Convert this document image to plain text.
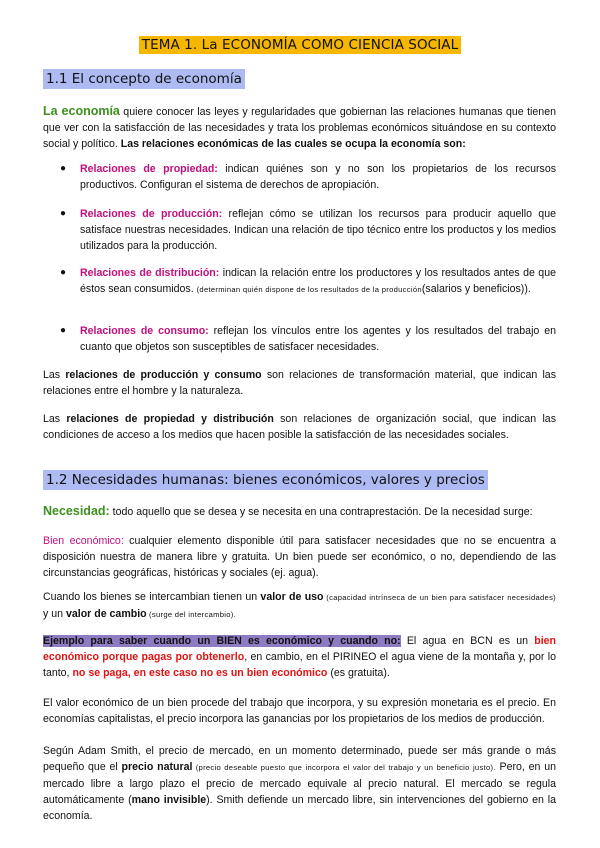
TEMA 1. La ECONOMÍA COMO CIENCIA SOCIAL
1.1 El concepto de economía

La economía quiere conocer las leyes y regularidades que gobiernan las relaciones humanas que tienen que ver con la satisfacción de las necesidades y trata los problemas económicos situándose en su contexto social y político. Las relaciones económicas de las cuales se ocupa la economía son:

● Relaciones de propiedad: indican quiénes son y no son los propietarios de los recursos productivos. Configuran el sistema de derechos de apropiación.

● Relaciones de producción: reflejan cómo se utilizan los recursos para producir aquello que satisface nuestras necesidades. Indican una relación de tipo técnico entre los productos y los medios utilizados para la producción.

● Relaciones de distribución: indican la relación entre los productores y los resultados antes de que éstos sean consumidos. (determinan quién dispone de los resultados de la producción(salarios y beneficios)).

● Relaciones de consumo: reflejan los vínculos entre los agentes y los resultados del trabajo en cuanto que objetos son susceptibles de satisfacer necesidades.

Las relaciones de producción y consumo son relaciones de transformación material, que indican las relaciones entre el hombre y la naturaleza.

Las relaciones de propiedad y distribución son relaciones de organización social, que indican las condiciones de acceso a los medios que hacen posible la satisfacción de las necesidades sociales.

1.2 Necesidades humanas: bienes económicos, valores y precios

Necesidad: todo aquello que se desea y se necesita en una contraprestación. De la necesidad surge:

Bien económico: cualquier elemento disponible útil para satisfacer necesidades que no se encuentra a disposición nuestra de manera libre y gratuita. Un bien puede ser económico, o no, dependiendo de las circunstancias geográficas, históricas y sociales (ej. agua).

Cuando los bienes se intercambian tienen un valor de uso (capacidad intrínseca de un bien para satisfacer necesidades) y un valor de cambio (surge del intercambio).

Ejemplo para saber cuando un BIEN es económico y cuando no: El agua en BCN es un bien económico porque pagas por obtenerlo, en cambio, en el PIRINEO el agua viene de la montaña y, por lo tanto, no se paga, en este caso no es un bien económico (es gratuita).

El valor económico de un bien procede del trabajo que incorpora, y su expresión monetaria es el precio. En economías capitalistas, el precio incorpora las ganancias por los propietarios de los medios de producción.

Según Adam Smith, el precio de mercado, en un momento determinado, puede ser más grande o más pequeño que el precio natural (precio deseable puesto que incorpora el valor del trabajo y un beneficio justo). Pero, en un mercado libre a largo plazo el precio de mercado equivale al precio natural. El mercado se regula automáticamente (mano invisible). Smith defiende un mercado libre, sin intervenciones del gobierno en la economía.
